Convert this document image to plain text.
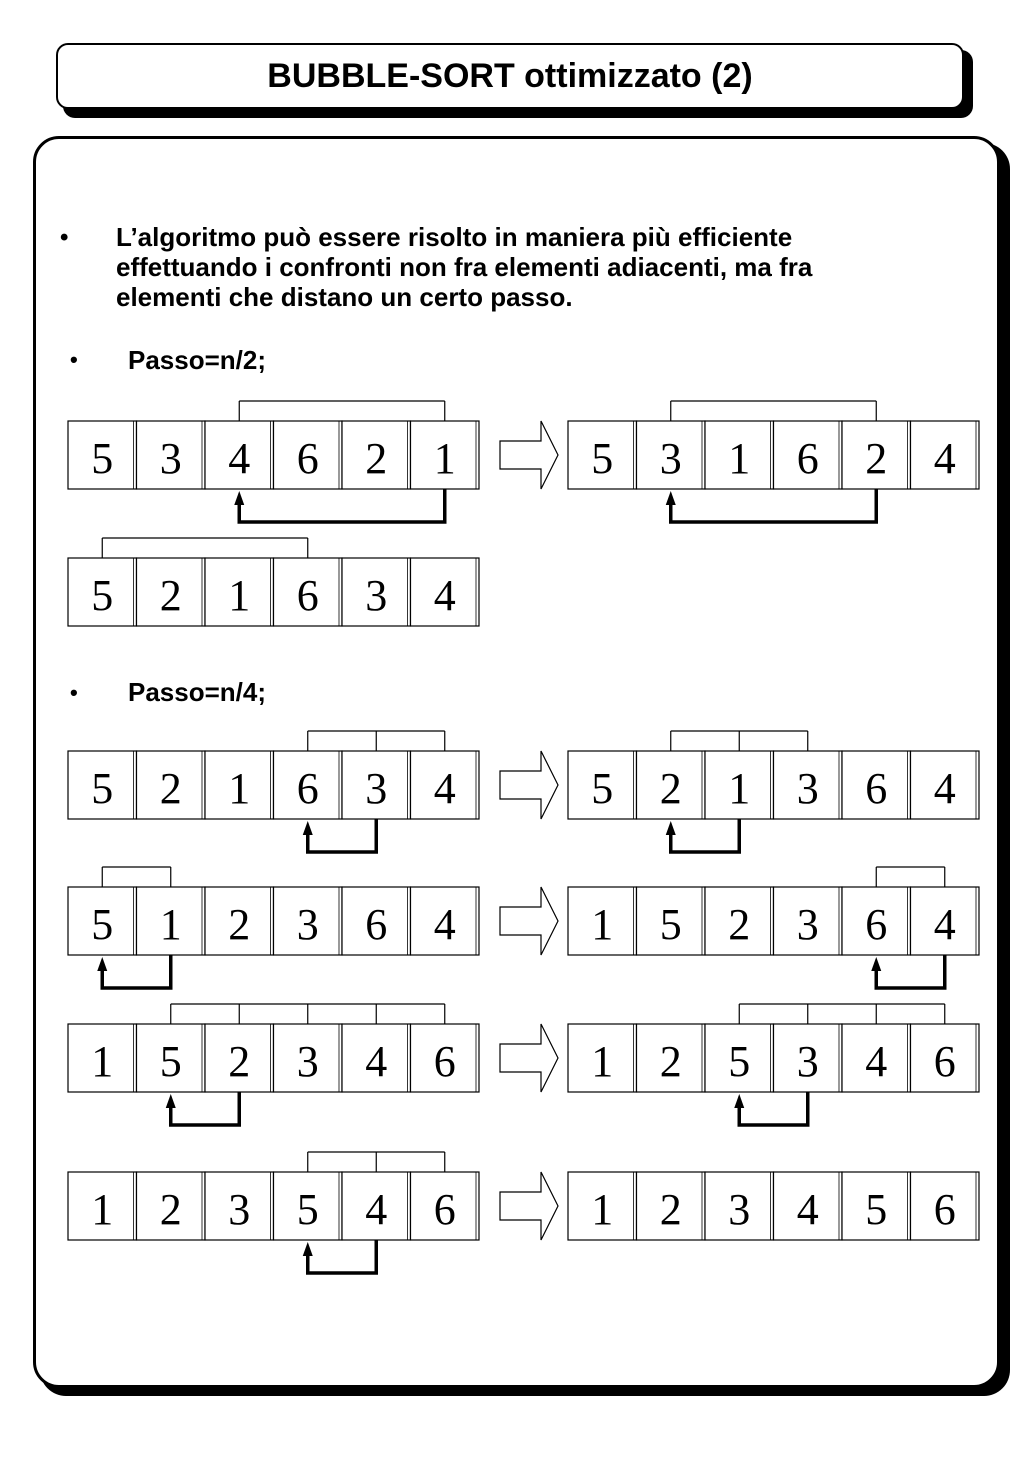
BUBBLE-SORT ottimizzato (2)
• L’algoritmo può essere risolto in maniera più efficiente
effettuando i confronti non fra elementi adiacenti, ma fra
elementi che distano un certo passo.
• Passo=n/2;
• Passo=n/4;
5 3 4 6 2 1	5 3 1 6 2 4
5 2 1 6 3 4
5 2 1 6 3 4	5 2 1 3 6 4
5 1 2 3 6 4	1 5 2 3 6 4
1 5 2 3 4 6	1 2 5 3 4 6
1 2 3 5 4 6	1 2 3 4 5 6
